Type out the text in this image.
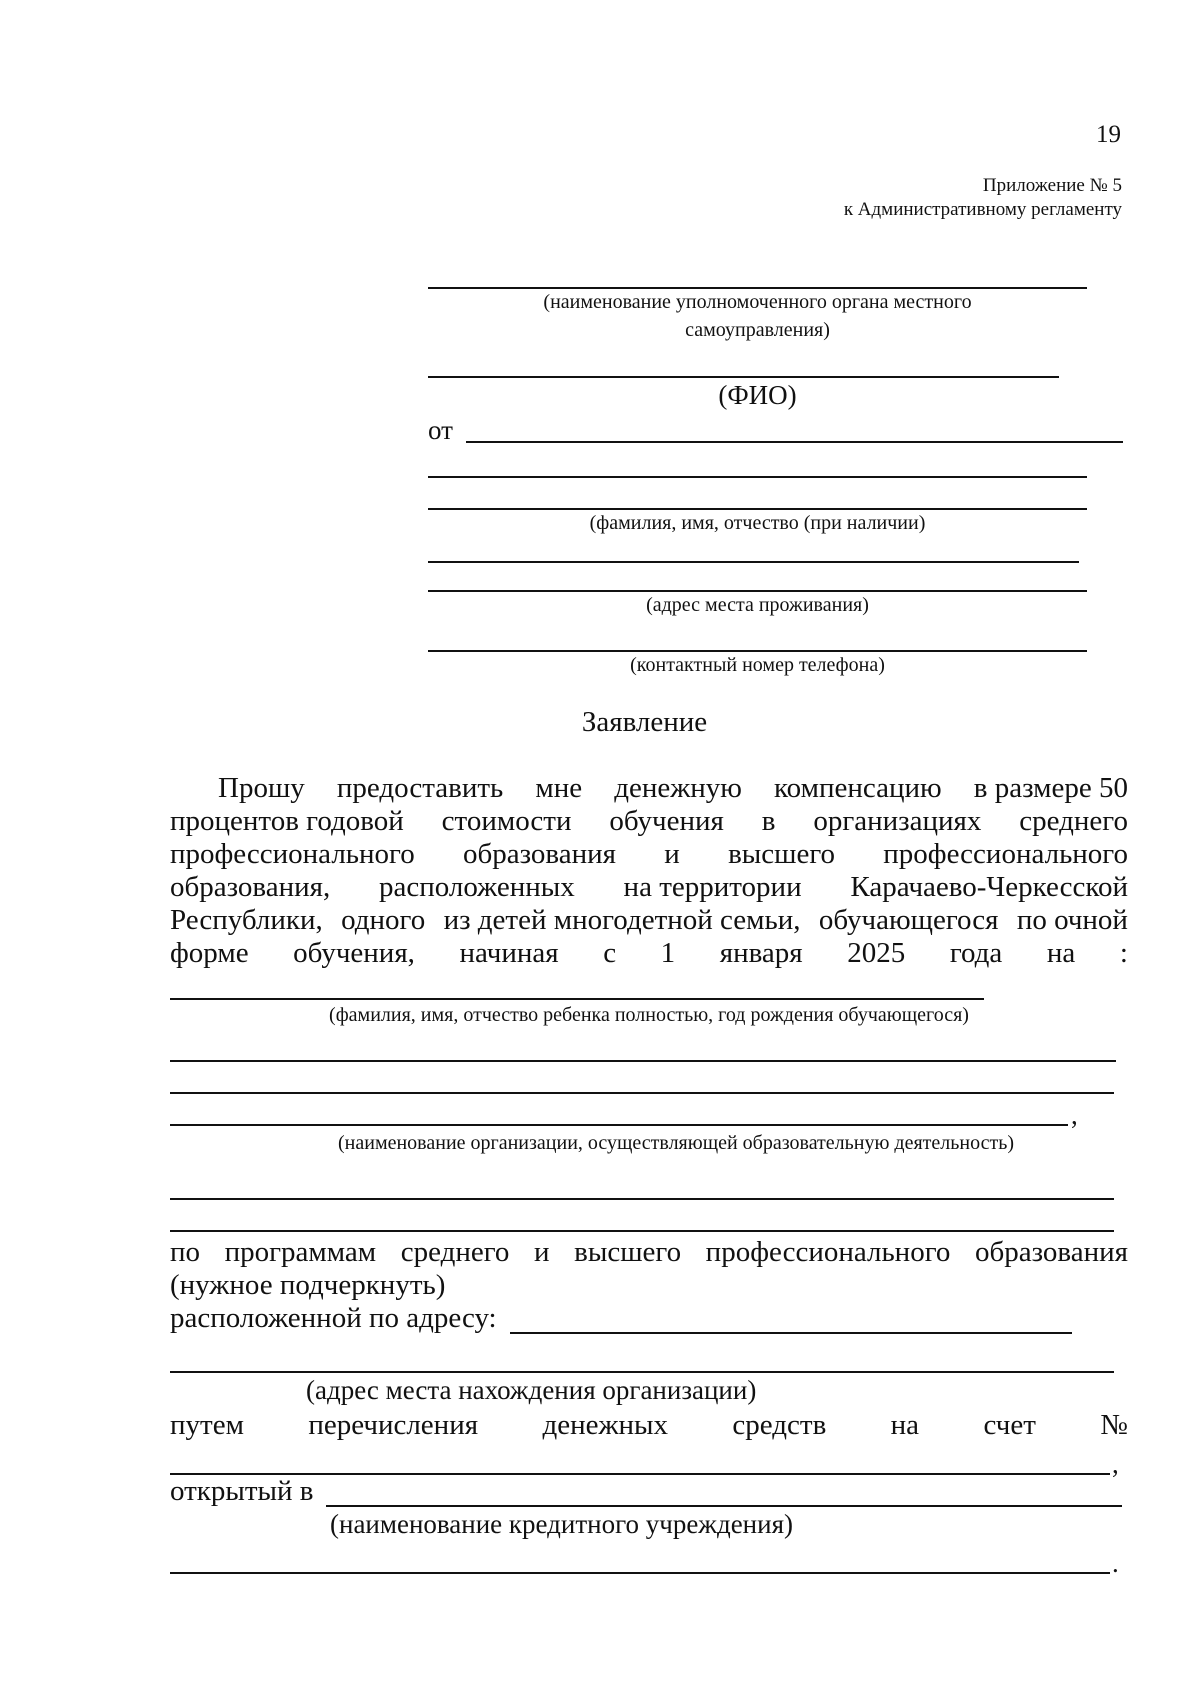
19
Приложение № 5
к Административному регламенту
(наименование уполномоченного органа местного
самоуправления)
(ФИО)
от
(фамилия, имя, отчество (при наличии)
(адрес места проживания)
(контактный номер телефона)
Заявление
Прошу предоставить мне денежную компенсацию в размере 50
процентов годовой стоимости обучения в организациях среднего
профессионального образования и высшего профессионального
образования, расположенных на территории Карачаево-Черкесской
Республики, одного из детей многодетной семьи, обучающегося по очной
форме обучения, начиная с 1 января 2025 года на :
(фамилия, имя, отчество ребенка полностью, год рождения обучающегося)
,
(наименование организации, осуществляющей образовательную деятельность)
по программам среднего и высшего профессионального образования
(нужное подчеркнуть)
расположенной по адресу:
(адрес места нахождения организации)
путем перечисления денежных средств на счет №
,
открытый в
(наименование кредитного учреждения)
.
